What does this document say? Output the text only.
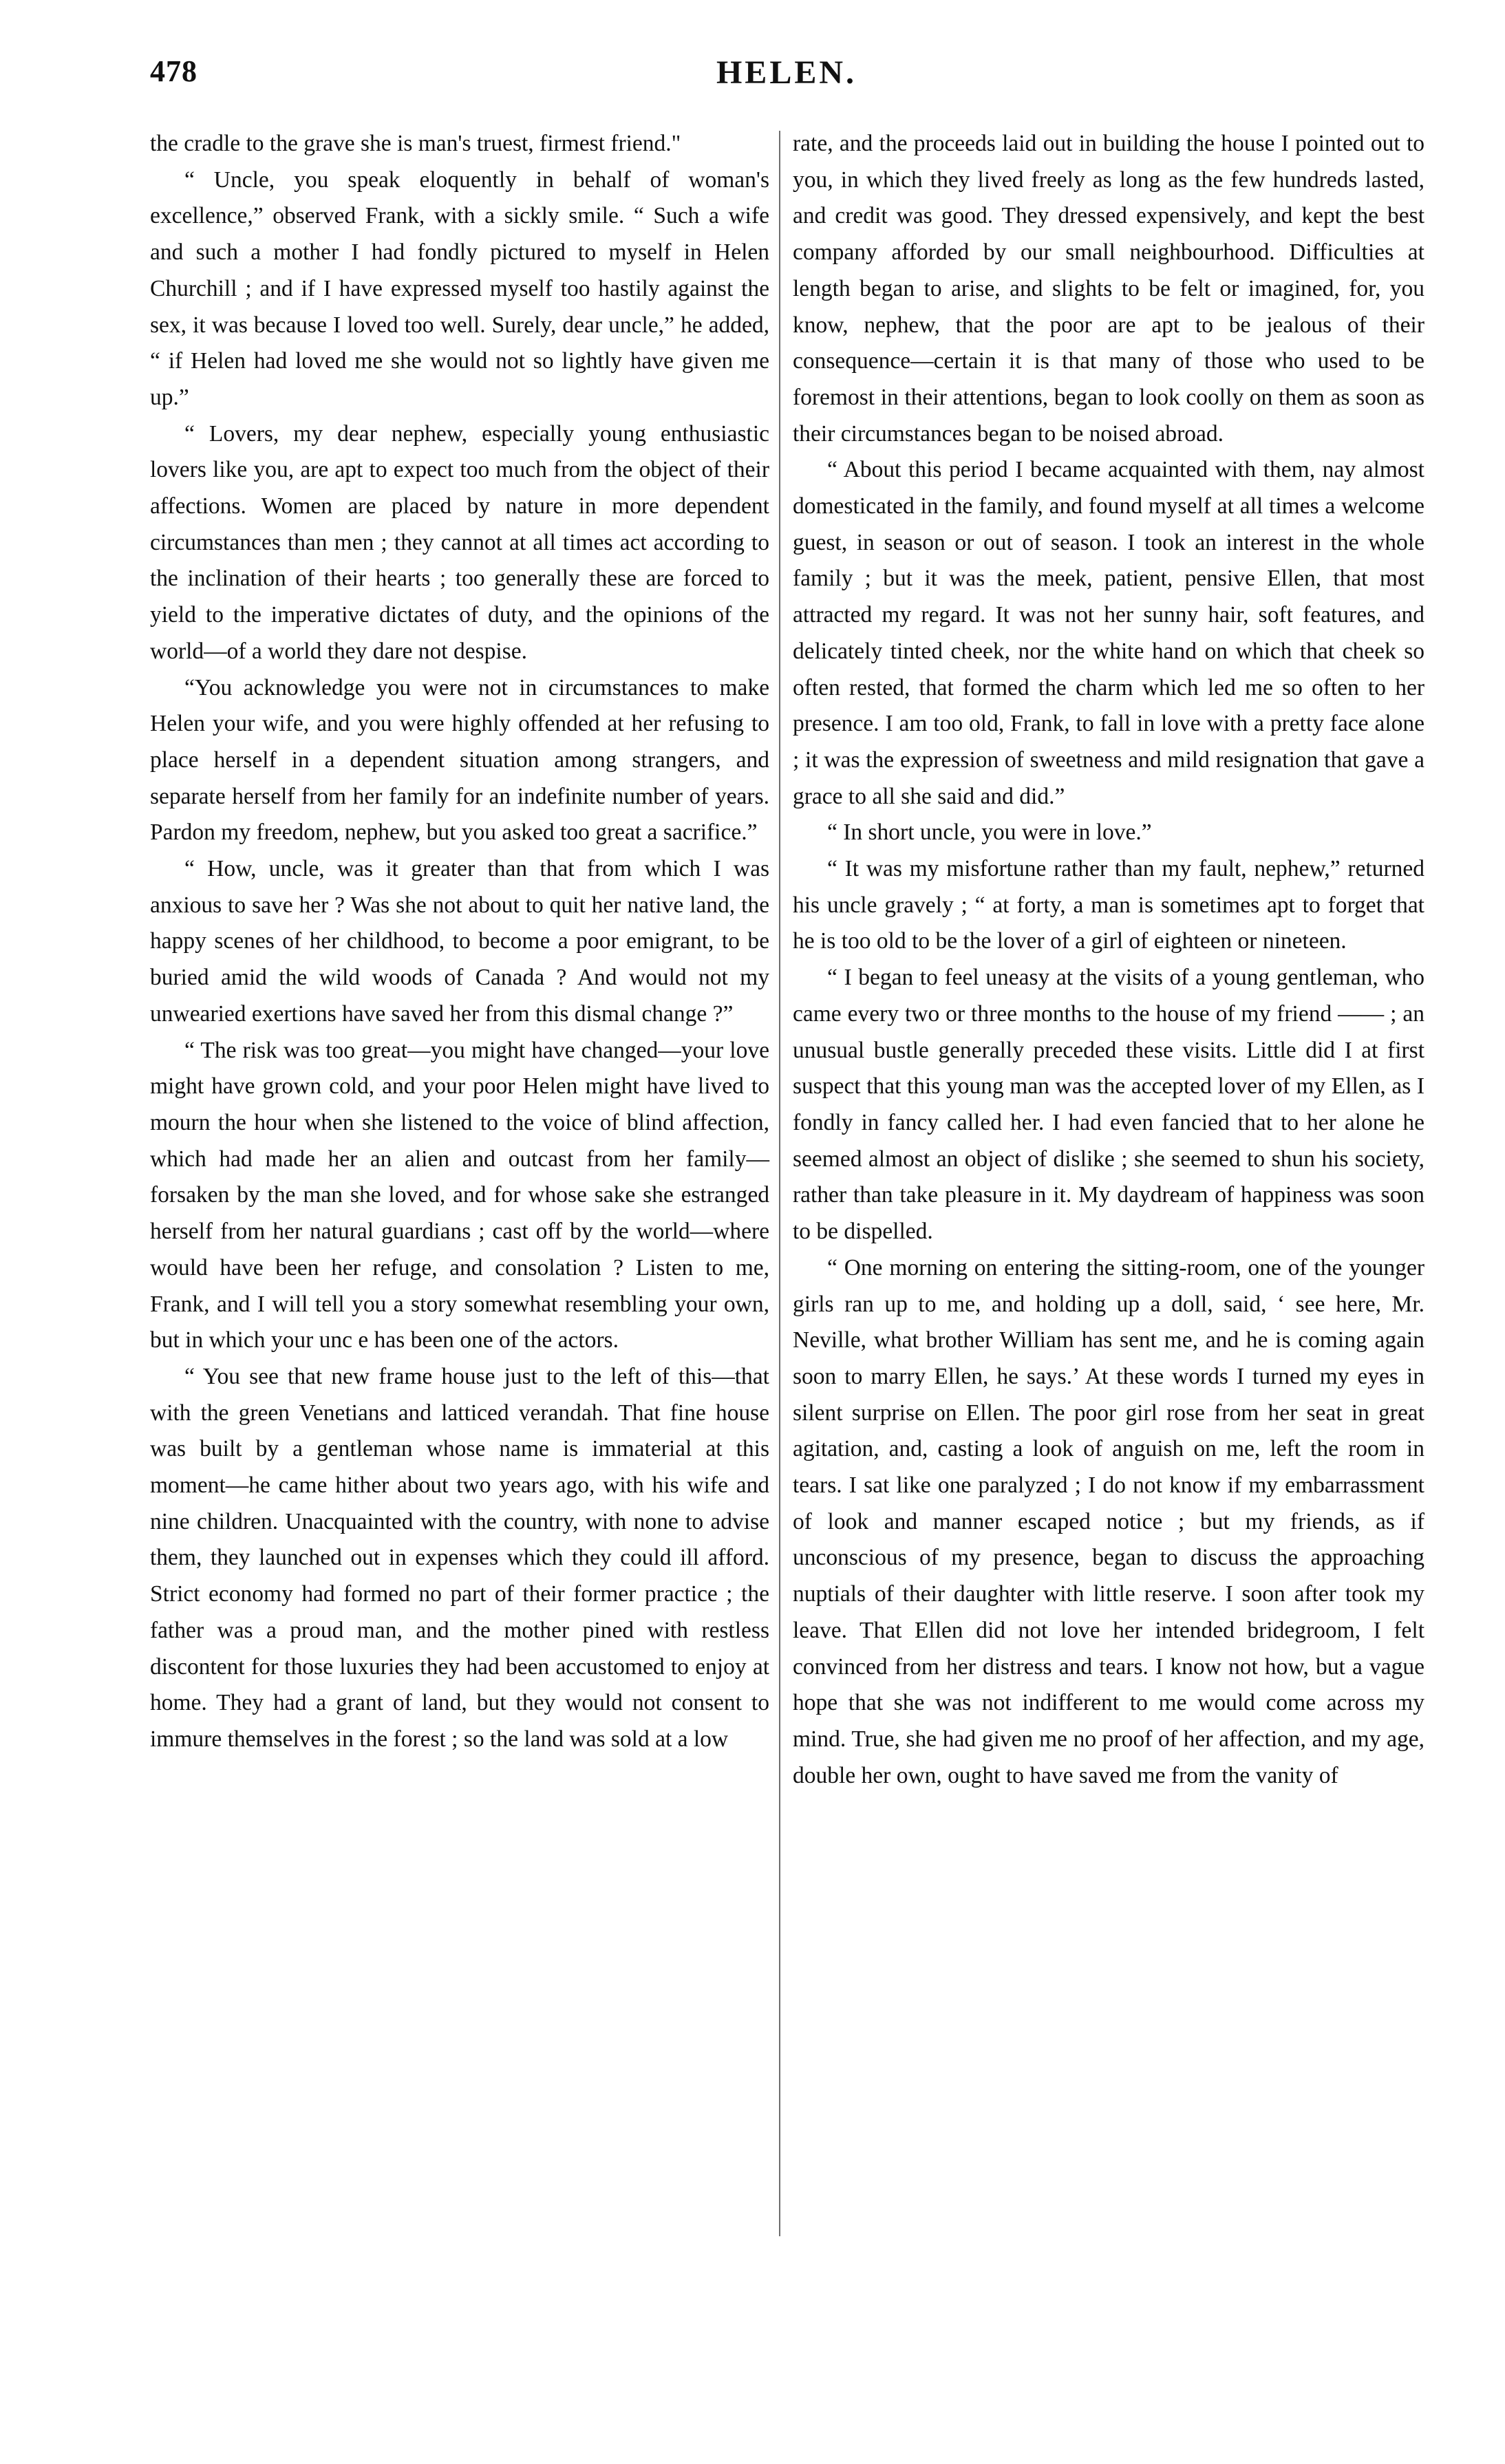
478	HELEN.

the cradle to the grave she is man's truest, firmest friend."

“ Uncle, you speak eloquently in behalf of woman's excellence,” observed Frank, with a sickly smile. “ Such a wife and such a mother I had fondly pictured to myself in Helen Churchill ; and if I have expressed myself too hastily against the sex, it was because I loved too well. Surely, dear uncle,” he added, “ if Helen had loved me she would not so lightly have given me up.”

“ Lovers, my dear nephew, especially young enthusiastic lovers like you, are apt to expect too much from the object of their affections. Women are placed by nature in more dependent circumstances than men ; they cannot at all times act according to the inclination of their hearts ; too generally these are forced to yield to the imperative dictates of duty, and the opinions of the world—of a world they dare not despise.

“You acknowledge you were not in circumstances to make Helen your wife, and you were highly offended at her refusing to place herself in a dependent situation among strangers, and separate herself from her family for an indefinite number of years. Pardon my freedom, nephew, but you asked too great a sacrifice.”

“ How, uncle, was it greater than that from which I was anxious to save her ? Was she not about to quit her native land, the happy scenes of her childhood, to become a poor emigrant, to be buried amid the wild woods of Canada ? And would not my unwearied exertions have saved her from this dismal change ?”

“ The risk was too great—you might have changed—your love might have grown cold, and your poor Helen might have lived to mourn the hour when she listened to the voice of blind affection, which had made her an alien and outcast from her family—forsaken by the man she loved, and for whose sake she estranged herself from her natural guardians ; cast off by the world—where would have been her refuge, and consolation ? Listen to me, Frank, and I will tell you a story somewhat resembling your own, but in which your unc e has been one of the actors.

“ You see that new frame house just to the left of this—that with the green Venetians and latticed verandah. That fine house was built by a gentleman whose name is immaterial at this moment—he came hither about two years ago, with his wife and nine children. Unacquainted with the country, with none to advise them, they launched out in expenses which they could ill afford. Strict economy had formed no part of their former practice ; the father was a proud man, and the mother pined with restless discontent for those luxuries they had been accustomed to enjoy at home. They had a grant of land, but they would not consent to immure themselves in the forest ; so the land was sold at a low

rate, and the proceeds laid out in building the house I pointed out to you, in which they lived freely as long as the few hundreds lasted, and credit was good. They dressed expensively, and kept the best company afforded by our small neighbourhood. Difficulties at length began to arise, and slights to be felt or imagined, for, you know, nephew, that the poor are apt to be jealous of their consequence—certain it is that many of those who used to be foremost in their attentions, began to look coolly on them as soon as their circumstances began to be noised abroad.

“ About this period I became acquainted with them, nay almost domesticated in the family, and found myself at all times a welcome guest, in season or out of season. I took an interest in the whole family ; but it was the meek, patient, pensive Ellen, that most attracted my regard. It was not her sunny hair, soft features, and delicately tinted cheek, nor the white hand on which that cheek so often rested, that formed the charm which led me so often to her presence. I am too old, Frank, to fall in love with a pretty face alone ; it was the expression of sweetness and mild resignation that gave a grace to all she said and did.”

“ In short uncle, you were in love.”

“ It was my misfortune rather than my fault, nephew,” returned his uncle gravely ; “ at forty, a man is sometimes apt to forget that he is too old to be the lover of a girl of eighteen or nineteen.

“ I began to feel uneasy at the visits of a young gentleman, who came every two or three months to the house of my friend —— ; an unusual bustle generally preceded these visits. Little did I at first suspect that this young man was the accepted lover of my Ellen, as I fondly in fancy called her. I had even fancied that to her alone he seemed almost an object of dislike ; she seemed to shun his society, rather than take pleasure in it. My daydream of happiness was soon to be dispelled.

“ One morning on entering the sitting-room, one of the younger girls ran up to me, and holding up a doll, said, ‘ see here, Mr. Neville, what brother William has sent me, and he is coming again soon to marry Ellen, he says.’ At these words I turned my eyes in silent surprise on Ellen. The poor girl rose from her seat in great agitation, and, casting a look of anguish on me, left the room in tears. I sat like one paralyzed ; I do not know if my embarrassment of look and manner escaped notice ; but my friends, as if unconscious of my presence, began to discuss the approaching nuptials of their daughter with little reserve. I soon after took my leave. That Ellen did not love her intended bridegroom, I felt convinced from her distress and tears. I know not how, but a vague hope that she was not indifferent to me would come across my mind. True, she had given me no proof of her affection, and my age, double her own, ought to have saved me from the vanity of
